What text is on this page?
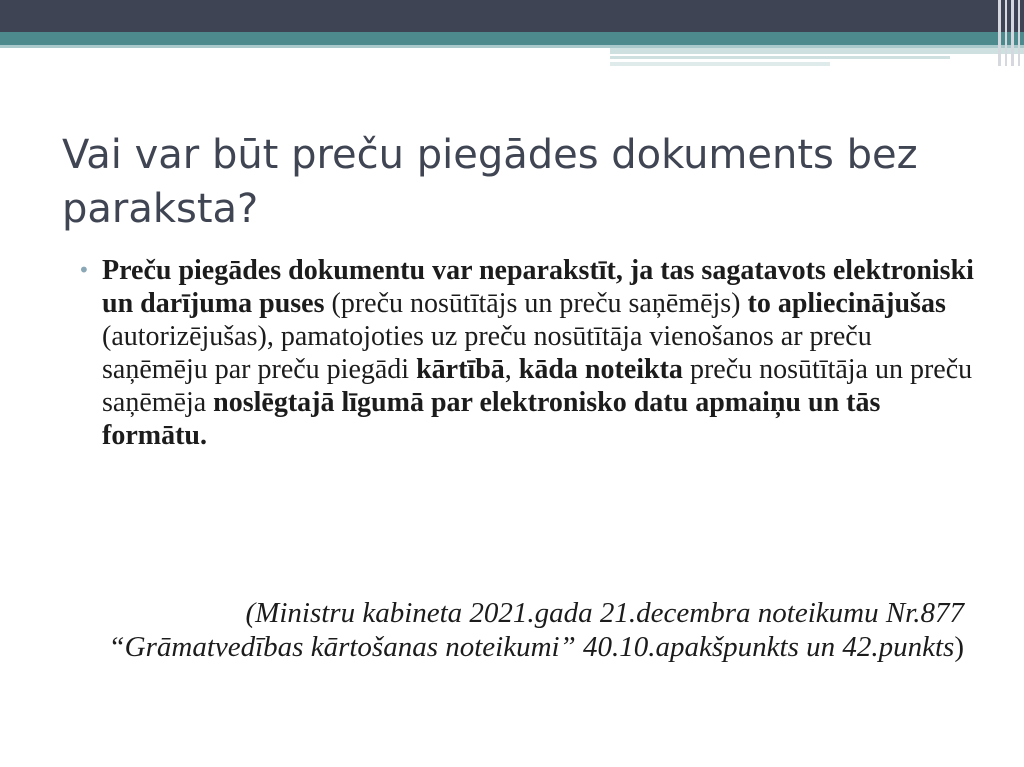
Vai var būt preču piegādes dokuments bez paraksta?
• Preču piegādes dokumentu var neparakstīt, ja tas sagatavots elektroniski un darījuma puses (preču nosūtītājs un preču saņēmējs) to apliecinājušas (autorizējušas), pamatojoties uz preču nosūtītāja vienošanos ar preču saņēmēju par preču piegādi kārtībā, kāda noteikta preču nosūtītāja un preču saņēmēja noslēgtajā līgumā par elektronisko datu apmaiņu un tās formātu.

(Ministru kabineta 2021.gada 21.decembra noteikumu Nr.877 “Grāmatvedības kārtošanas noteikumi” 40.10.apakšpunkts un 42.punkts)
